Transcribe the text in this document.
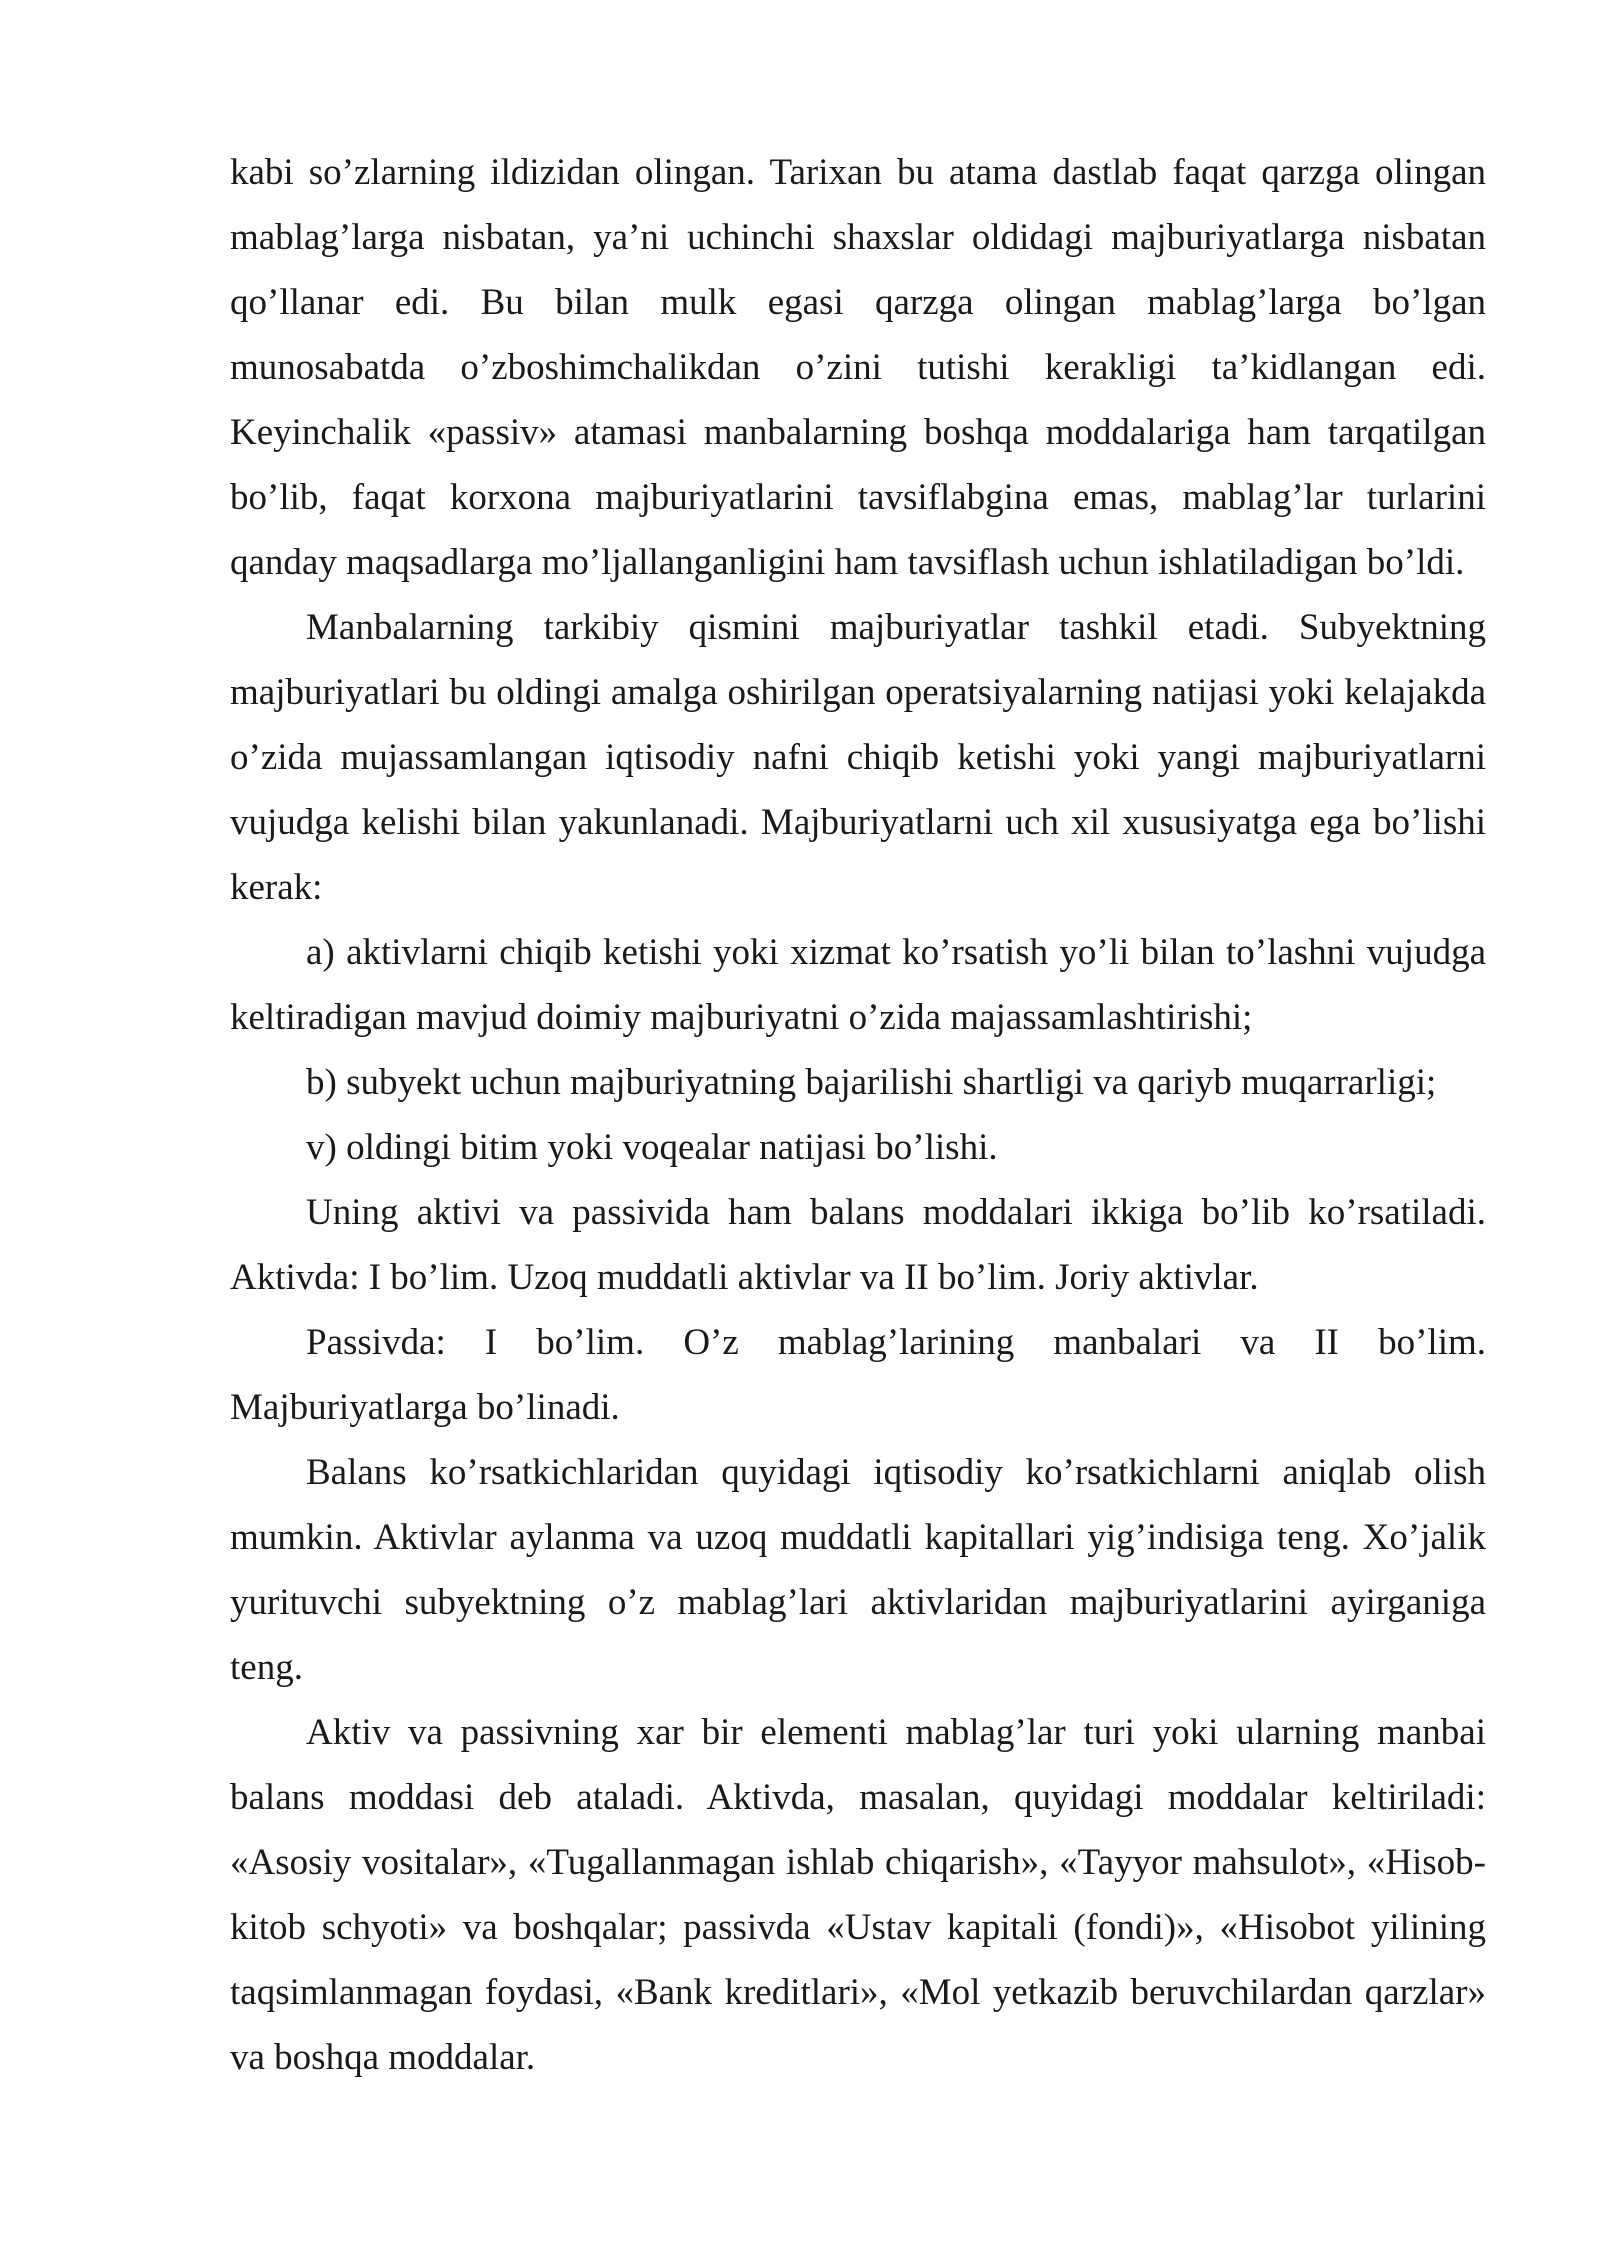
kabi so’zlarning ildizidan olingan. Tarixan bu atama dastlab faqat qarzga olingan mablag’larga nisbatan, ya’ni uchinchi shaxslar oldidagi majburiyatlarga nisbatan qo’llanar edi. Bu bilan mulk egasi qarzga olingan mablag’larga bo’lgan munosabatda o’zboshimchalikdan o’zini tutishi kerakligi ta’kidlangan edi. Keyinchalik «passiv» atamasi manbalarning boshqa moddalariga ham tarqatilgan bo’lib, faqat korxona majburiyatlarini tavsiflabgina emas, mablag’lar turlarini qanday maqsadlarga mo’ljallanganligini ham tavsiflash uchun ishlatiladigan bo’ldi.

Manbalarning tarkibiy qismini majburiyatlar tashkil etadi. Subyektning majburiyatlari bu oldingi amalga oshirilgan operatsiyalarning natijasi yoki kelajakda o’zida mujassamlangan iqtisodiy nafni chiqib ketishi yoki yangi majburiyatlarni vujudga kelishi bilan yakunlanadi. Majburiyatlarni uch xil xususiyatga ega bo’lishi kerak:

a) aktivlarni chiqib ketishi yoki xizmat ko’rsatish yo’li bilan to’lashni vujudga keltiradigan mavjud doimiy majburiyatni o’zida majassamlashtirishi;

b) subyekt uchun majburiyatning bajarilishi shartligi va qariyb muqarrarligi;

v) oldingi bitim yoki voqealar natijasi bo’lishi.

Uning aktivi va passivida ham balans moddalari ikkiga bo’lib ko’rsatiladi. Aktivda: I bo’lim. Uzoq muddatli aktivlar va II bo’lim. Joriy aktivlar.

Passivda: I bo’lim. O’z mablag’larining manbalari va II bo’lim. Majburiyatlarga bo’linadi.

Balans ko’rsatkichlaridan quyidagi iqtisodiy ko’rsatkichlarni aniqlab olish mumkin. Aktivlar aylanma va uzoq muddatli kapitallari yig’indisiga teng. Xo’jalik yurituvchi subyektning o’z mablag’lari aktivlaridan majburiyatlarini ayirganiga teng.

Aktiv va passivning xar bir elementi mablag’lar turi yoki ularning manbai balans moddasi deb ataladi. Aktivda, masalan, quyidagi moddalar keltiriladi: «Asosiy vositalar», «Tugallanmagan ishlab chiqarish», «Tayyor mahsulot», «Hisob-kitob schyoti» va boshqalar; passivda «Ustav kapitali (fondi)», «Hisobot yilining taqsimlanmagan foydasi, «Bank kreditlari», «Mol yetkazib beruvchilardan qarzlar» va boshqa moddalar.
